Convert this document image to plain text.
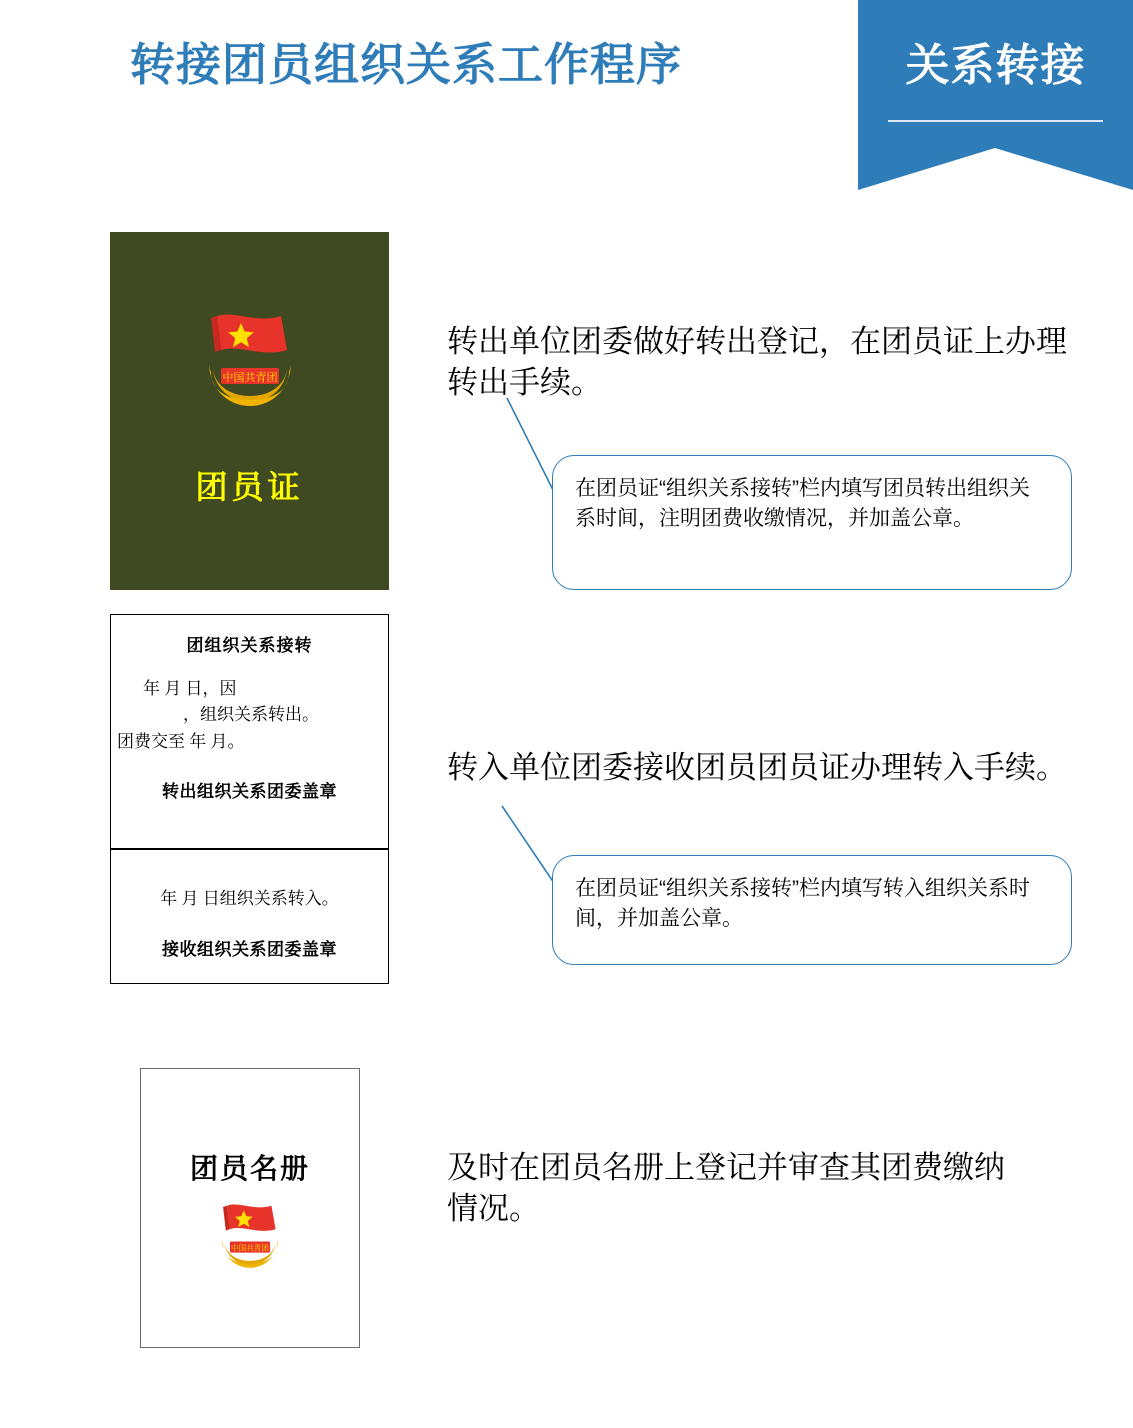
转接团员组织关系工作程序	关系转接
中国共青团
团员证
团组织关系接转
年 月 日，因
，组织关系转出。
团费交至 年 月。
转出组织关系团委盖章
年 月 日组织关系转入。
接收组织关系团委盖章
团员名册
中国共青团
转出单位团委做好转出登记，在团员证上办理转出手续。
在团员证“组织关系接转”栏内填写团员转出组织关系时间，注明团费收缴情况，并加盖公章。
转入单位团委接收团员团员证办理转入手续。
在团员证“组织关系接转”栏内填写转入组织关系时间，并加盖公章。
及时在团员名册上登记并审查其团费缴纳情况。
